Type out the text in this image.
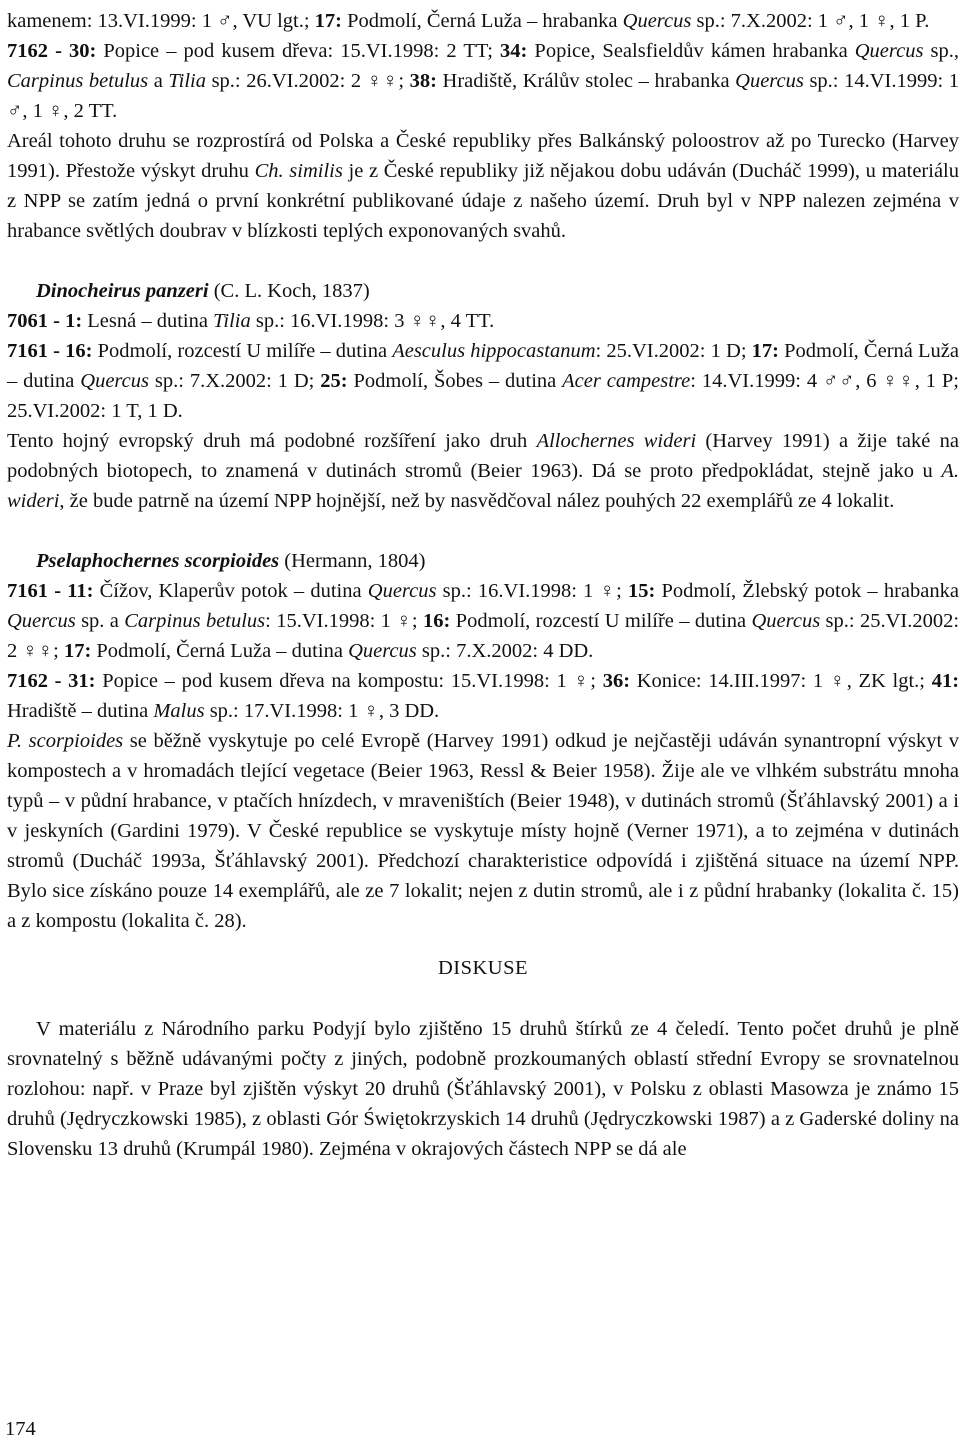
kamenem: 13.VI.1999: 1 ♂, VU lgt.; 17: Podmolí, Černá Luža – hrabanka Quercus sp.: 7.X.2002: 1 ♂, 1 ♀, 1 P.

7162 - 30: Popice – pod kusem dřeva: 15.VI.1998: 2 TT; 34: Popice, Sealsfieldův kámen hrabanka Quercus sp., Carpinus betulus a Tilia sp.: 26.VI.2002: 2 ♀♀; 38: Hradiště, Králův stolec – hrabanka Quercus sp.: 14.VI.1999: 1 ♂, 1 ♀, 2 TT.

Areál tohoto druhu se rozprostírá od Polska a České republiky přes Balkánský poloostrov až po Turecko (Harvey 1991). Přestože výskyt druhu Ch. similis je z České republiky již nějakou dobu udáván (Ducháč 1999), u materiálu z NPP se zatím jedná o první konkrétní publikované údaje z našeho území. Druh byl v NPP nalezen zejména v hrabance světlých doubrav v blízkosti teplých exponovaných svahů.

Dinocheirus panzeri (C. L. Koch, 1837)

7061 - 1: Lesná – dutina Tilia sp.: 16.VI.1998: 3 ♀♀, 4 TT.

7161 - 16: Podmolí, rozcestí U milíře – dutina Aesculus hippocastanum: 25.VI.2002: 1 D; 17: Podmolí, Černá Luža – dutina Quercus sp.: 7.X.2002: 1 D; 25: Podmolí, Šobes – dutina Acer campestre: 14.VI.1999: 4 ♂♂, 6 ♀♀, 1 P; 25.VI.2002: 1 T, 1 D.

Tento hojný evropský druh má podobné rozšíření jako druh Allochernes wideri (Harvey 1991) a žije také na podobných biotopech, to znamená v dutinách stromů (Beier 1963). Dá se proto předpokládat, stejně jako u A. wideri, že bude patrně na území NPP hojnější, než by nasvědčoval nález pouhých 22 exemplářů ze 4 lokalit.

Pselaphochernes scorpioides (Hermann, 1804)

7161 - 11: Čížov, Klaperův potok – dutina Quercus sp.: 16.VI.1998: 1 ♀; 15: Podmolí, Žlebský potok – hrabanka Quercus sp. a Carpinus betulus: 15.VI.1998: 1 ♀; 16: Podmolí, rozcestí U milíře – dutina Quercus sp.: 25.VI.2002: 2 ♀♀; 17: Podmolí, Černá Luža – dutina Quercus sp.: 7.X.2002: 4 DD.

7162 - 31: Popice – pod kusem dřeva na kompostu: 15.VI.1998: 1 ♀; 36: Konice: 14.III.1997: 1 ♀, ZK lgt.; 41: Hradiště – dutina Malus sp.: 17.VI.1998: 1 ♀, 3 DD.

P. scorpioides se běžně vyskytuje po celé Evropě (Harvey 1991) odkud je nejčastěji udáván synantropní výskyt v kompostech a v hromadách tlející vegetace (Beier 1963, Ressl & Beier 1958). Žije ale ve vlhkém substrátu mnoha typů – v půdní hrabance, v ptačích hnízdech, v mraveništích (Beier 1948), v dutinách stromů (Šťáhlavský 2001) a i v jeskyních (Gardini 1979). V České republice se vyskytuje místy hojně (Verner 1971), a to zejména v dutinách stromů (Ducháč 1993a, Šťáhlavský 2001). Předchozí charakteristice odpovídá i zjištěná situace na území NPP. Bylo sice získáno pouze 14 exemplářů, ale ze 7 lokalit; nejen z dutin stromů, ale i z půdní hrabanky (lokalita č. 15) a z kompostu (lokalita č. 28).

DISKUSE

V materiálu z Národního parku Podyjí bylo zjištěno 15 druhů štírků ze 4 čeledí. Tento počet druhů je plně srovnatelný s běžně udávanými počty z jiných, podobně prozkoumaných oblastí střední Evropy se srovnatelnou rozlohou: např. v Praze byl zjištěn výskyt 20 druhů (Šťáhlavský 2001), v Polsku z oblasti Masowza je známo 15 druhů (Jędryczkowski 1985), z oblasti Gór Świętokrzyskich 14 druhů (Jędryczkowski 1987) a z Gaderské doliny na Slovensku 13 druhů (Krumpál 1980). Zejména v okrajových částech NPP se dá ale

174
